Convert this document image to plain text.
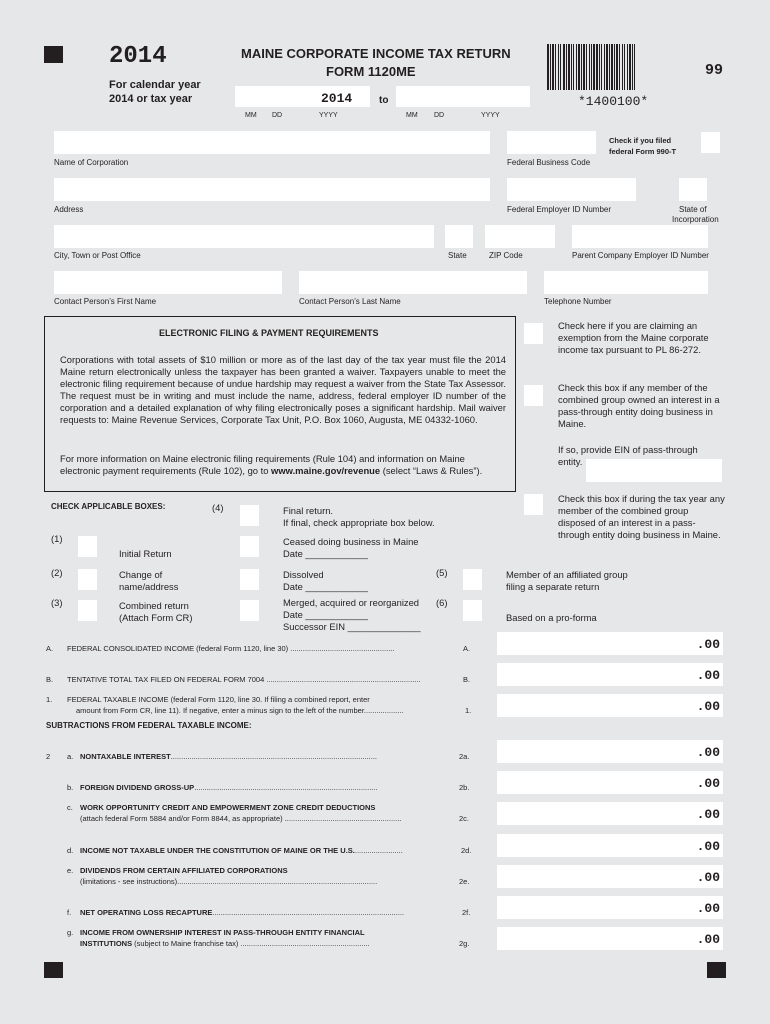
2014
For calendar year
2014 or tax year
MAINE CORPORATE INCOME TAX RETURN
FORM 1120ME
*1400100*
99
2014	to
MM DD	YYYY	MM DD	YYYY
Name of Corporation	Federal Business Code
Check if you filed
federal Form 990-T
Address	Federal Employer ID Number	State of
Incorporation
City, Town or Post Office	State	ZIP Code	Parent Company Employer ID Number
Contact Person’s First Name	Contact Person’s Last Name	Telephone Number
ELECTRONIC FILING & PAYMENT REQUIREMENTS
Corporations with total assets of $10 million or more as of the last day of the tax year must file the 2014 Maine return electronically unless the taxpayer has been granted a waiver. Taxpayers unable to meet the electronic filing requirement because of undue hardship may request a waiver from the State Tax Assessor. The request must be in writing and must include the name, address, federal employer ID number of the corporation and a detailed explanation of why filing electronically poses a significant hardship. Mail waiver requests to: Maine Revenue Services, Corporate Tax Unit, P.O. Box 1060, Augusta, ME 04332-1060.
For more information on Maine electronic filing requirements (Rule 104) and information on Maine electronic payment requirements (Rule 102), go to www.maine.gov/revenue (select “Laws & Rules”).
Check here if you are claiming an exemption from the Maine corporate income tax pursuant to PL 86-272.
Check this box if any member of the combined group owned an interest in a pass-through entity doing business in Maine.
If so, provide EIN of pass-through entity.
Check this box if during the tax year any member of the combined group disposed of an interest in a pass-through entity doing business in Maine.
CHECK APPLICABLE BOXES:	(4)	Final return.
If final, check appropriate box below.
(1)
Initial Return
Ceased doing business in Maine
Date ____________
(2)	Change of
name/address
Dissolved
Date ____________
(5)	Member of an affiliated group
filing a separate return
(3)	Combined return
(Attach Form CR)
Merged, acquired or reorganized (6)
Date ____________
Successor EIN ______________
Based on a pro-forma
A. FEDERAL CONSOLIDATED INCOME (federal Form 1120, line 30) ..................................................	A.	.00
B. TENTATIVE TOTAL TAX FILED ON FEDERAL FORM 7004 ..........................................................................	B.	.00
1. FEDERAL TAXABLE INCOME (federal Form 1120, line 30. If filing a combined report, enter
amount from Form CR, line 11). If negative, enter a minus sign to the left of the number...................	1.	.00
SUBTRACTIONS FROM FEDERAL TAXABLE INCOME:
2 a. NONTAXABLE INTEREST...................................................................................................	2a.	.00
b. FOREIGN DIVIDEND GROSS-UP........................................................................................	2b.	.00
c. WORK OPPORTUNITY CREDIT AND EMPOWERMENT ZONE CREDIT DEDUCTIONS
(attach federal Form 5884 and/or Form 8844, as appropriate) ........................................................	2c.	.00
d. INCOME NOT TAXABLE UNDER THE CONSTITUTION OF MAINE OR THE U.S........................	2d.	.00
e. DIVIDENDS FROM CERTAIN AFFILIATED CORPORATIONS
(limitations - see instructions)................................................................................................	2e.	.00
f. NET OPERATING LOSS RECAPTURE............................................................................................	2f.	.00
g. INCOME FROM OWNERSHIP INTEREST IN PASS-THROUGH ENTITY FINANCIAL
INSTITUTIONS (subject to Maine franchise tax) ..............................................................	2g.	.00
